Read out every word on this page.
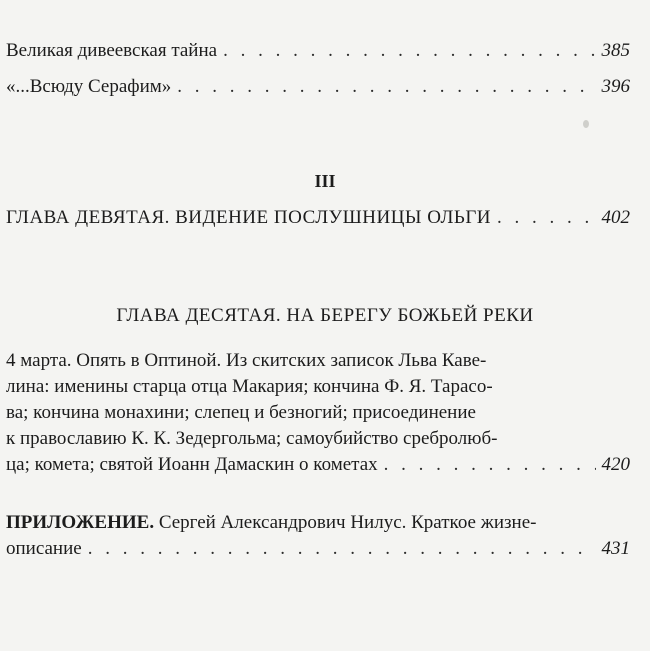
Великая дивеевская тайна . . .	385
«...Всюду Серафим» . . .	396
III
ГЛАВА ДЕВЯТАЯ. ВИДЕНИЕ ПОСЛУШНИЦЫ ОЛЬГИ . . .	402
ГЛАВА ДЕСЯТАЯ. НА БЕРЕГУ БОЖЬЕЙ РЕКИ
4 марта. Опять в Оптиной. Из скитских записок Льва Каве-
лина: именины старца отца Макария; кончина Ф. Я. Тарасо-
ва; кончина монахини; слепец и безногий; присоединение
к православию К. К. Зедергольма; самоубийство сребролюб-
ца; комета; святой Иоанн Дамаскин о кометах . . .	420
ПРИЛОЖЕНИЕ. Сергей Александрович Нилус. Краткое жизне-
описание . . .	431
